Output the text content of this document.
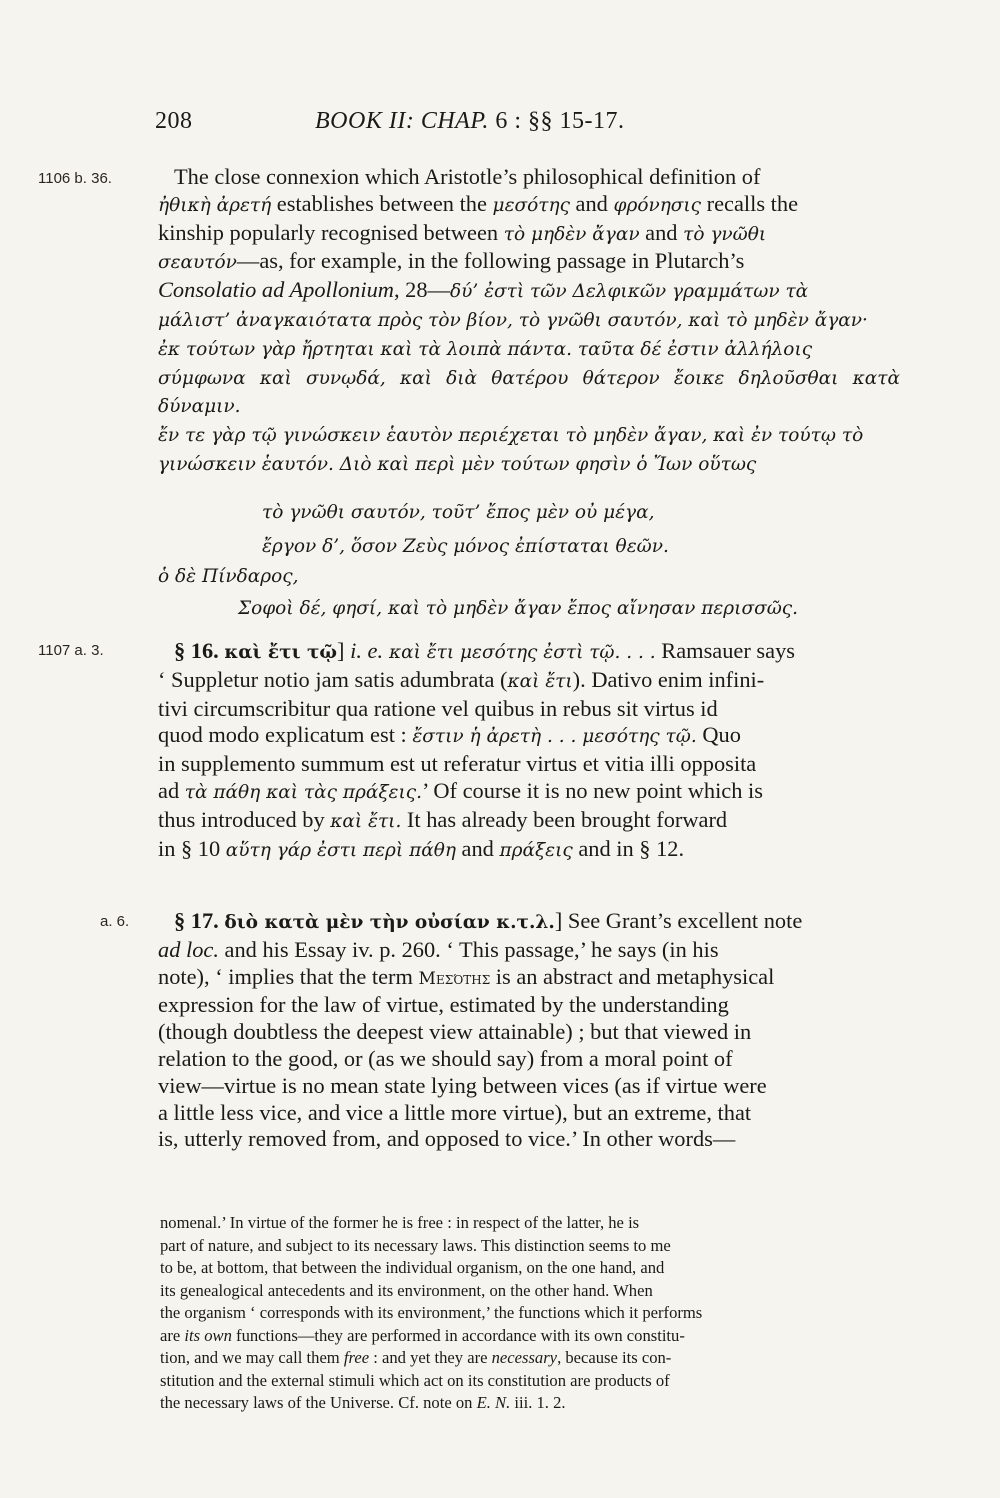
208	BOOK II: CHAP. 6 : §§ 15-17.
1106 b. 36.
1107 a. 3.
a. 6.

The close connexion which Aristotle’s philosophical definition of

ἠθικὴ ἀρετή establishes between the μεσότης and φρόνησις recalls the

kinship popularly recognised between τὸ μηδὲν ἄγαν and τὸ γνῶθι

σεαυτόν—as, for example, in the following passage in Plutarch’s

Consolatio ad Apollonium, 28—δύ’ ἐστὶ τῶν Δελφικῶν γραμμάτων τὰ

μάλιστ’ ἀναγκαιότατα πρὸς τὸν βίον, τὸ γνῶθι σαυτόν, καὶ τὸ μηδὲν ἄγαν·

ἐκ τούτων γὰρ ἤρτηται καὶ τὰ λοιπὰ πάντα. ταῦτα δέ ἐστιν ἀλλήλοις

σύμφωνα καὶ συνῳδά, καὶ διὰ θατέρου θάτερον ἔοικε δηλοῦσθαι κατὰ δύναμιν.

ἔν τε γὰρ τῷ γινώσκειν ἑαυτὸν περιέχεται τὸ μηδὲν ἄγαν, καὶ ἐν τούτῳ τὸ

γινώσκειν ἑαυτόν. Διὸ καὶ περὶ μὲν τούτων φησὶν ὁ Ἴων οὕτως

τὸ γνῶθι σαυτόν, τοῦτ’ ἔπος μὲν οὐ μέγα,
ἔργον δ’, ὅσον Ζεὺς μόνος ἐπίσταται θεῶν.
ὁ δὲ Πίνδαρος,
Σοφοὶ δέ, φησί, καὶ τὸ μηδὲν ἄγαν ἔπος αἴνησαν περισσῶς.

§ 16. καὶ ἔτι τῷ] i. e. καὶ ἔτι μεσότης ἐστὶ τῷ. . . . Ramsauer says

‘ Suppletur notio jam satis adumbrata (καὶ ἔτι). Dativo enim infini-

tivi circumscribitur qua ratione vel quibus in rebus sit virtus id

quod modo explicatum est : ἔστιν ἡ ἀρετὴ . . . μεσότης τῷ. Quo

in supplemento summum est ut referatur virtus et vitia illi opposita

ad τὰ πάθη καὶ τὰς πράξεις.’ Of course it is no new point which is

thus introduced by καὶ ἔτι. It has already been brought forward

in § 10 αὕτη γάρ ἐστι περὶ πάθη and πράξεις and in § 12.

§ 17. διὸ κατὰ μὲν τὴν οὐσίαν κ.τ.λ.] See Grant’s excellent note

ad loc. and his Essay iv. p. 260. ‘ This passage,’ he says (in his

note), ‘ implies that the term Μεσότης is an abstract and metaphysical

expression for the law of virtue, estimated by the understanding

(though doubtless the deepest view attainable) ; but that viewed in

relation to the good, or (as we should say) from a moral point of

view—virtue is no mean state lying between vices (as if virtue were

a little less vice, and vice a little more virtue), but an extreme, that

is, utterly removed from, and opposed to vice.’ In other words—

nomenal.’ In virtue of the former he is free : in respect of the latter, he is

part of nature, and subject to its necessary laws. This distinction seems to me

to be, at bottom, that between the individual organism, on the one hand, and

its genealogical antecedents and its environment, on the other hand. When

the organism ‘ corresponds with its environment,’ the functions which it performs

are its own functions—they are performed in accordance with its own constitu-

tion, and we may call them free : and yet they are necessary, because its con-

stitution and the external stimuli which act on its constitution are products of

the necessary laws of the Universe. Cf. note on E. N. iii. 1. 2.
